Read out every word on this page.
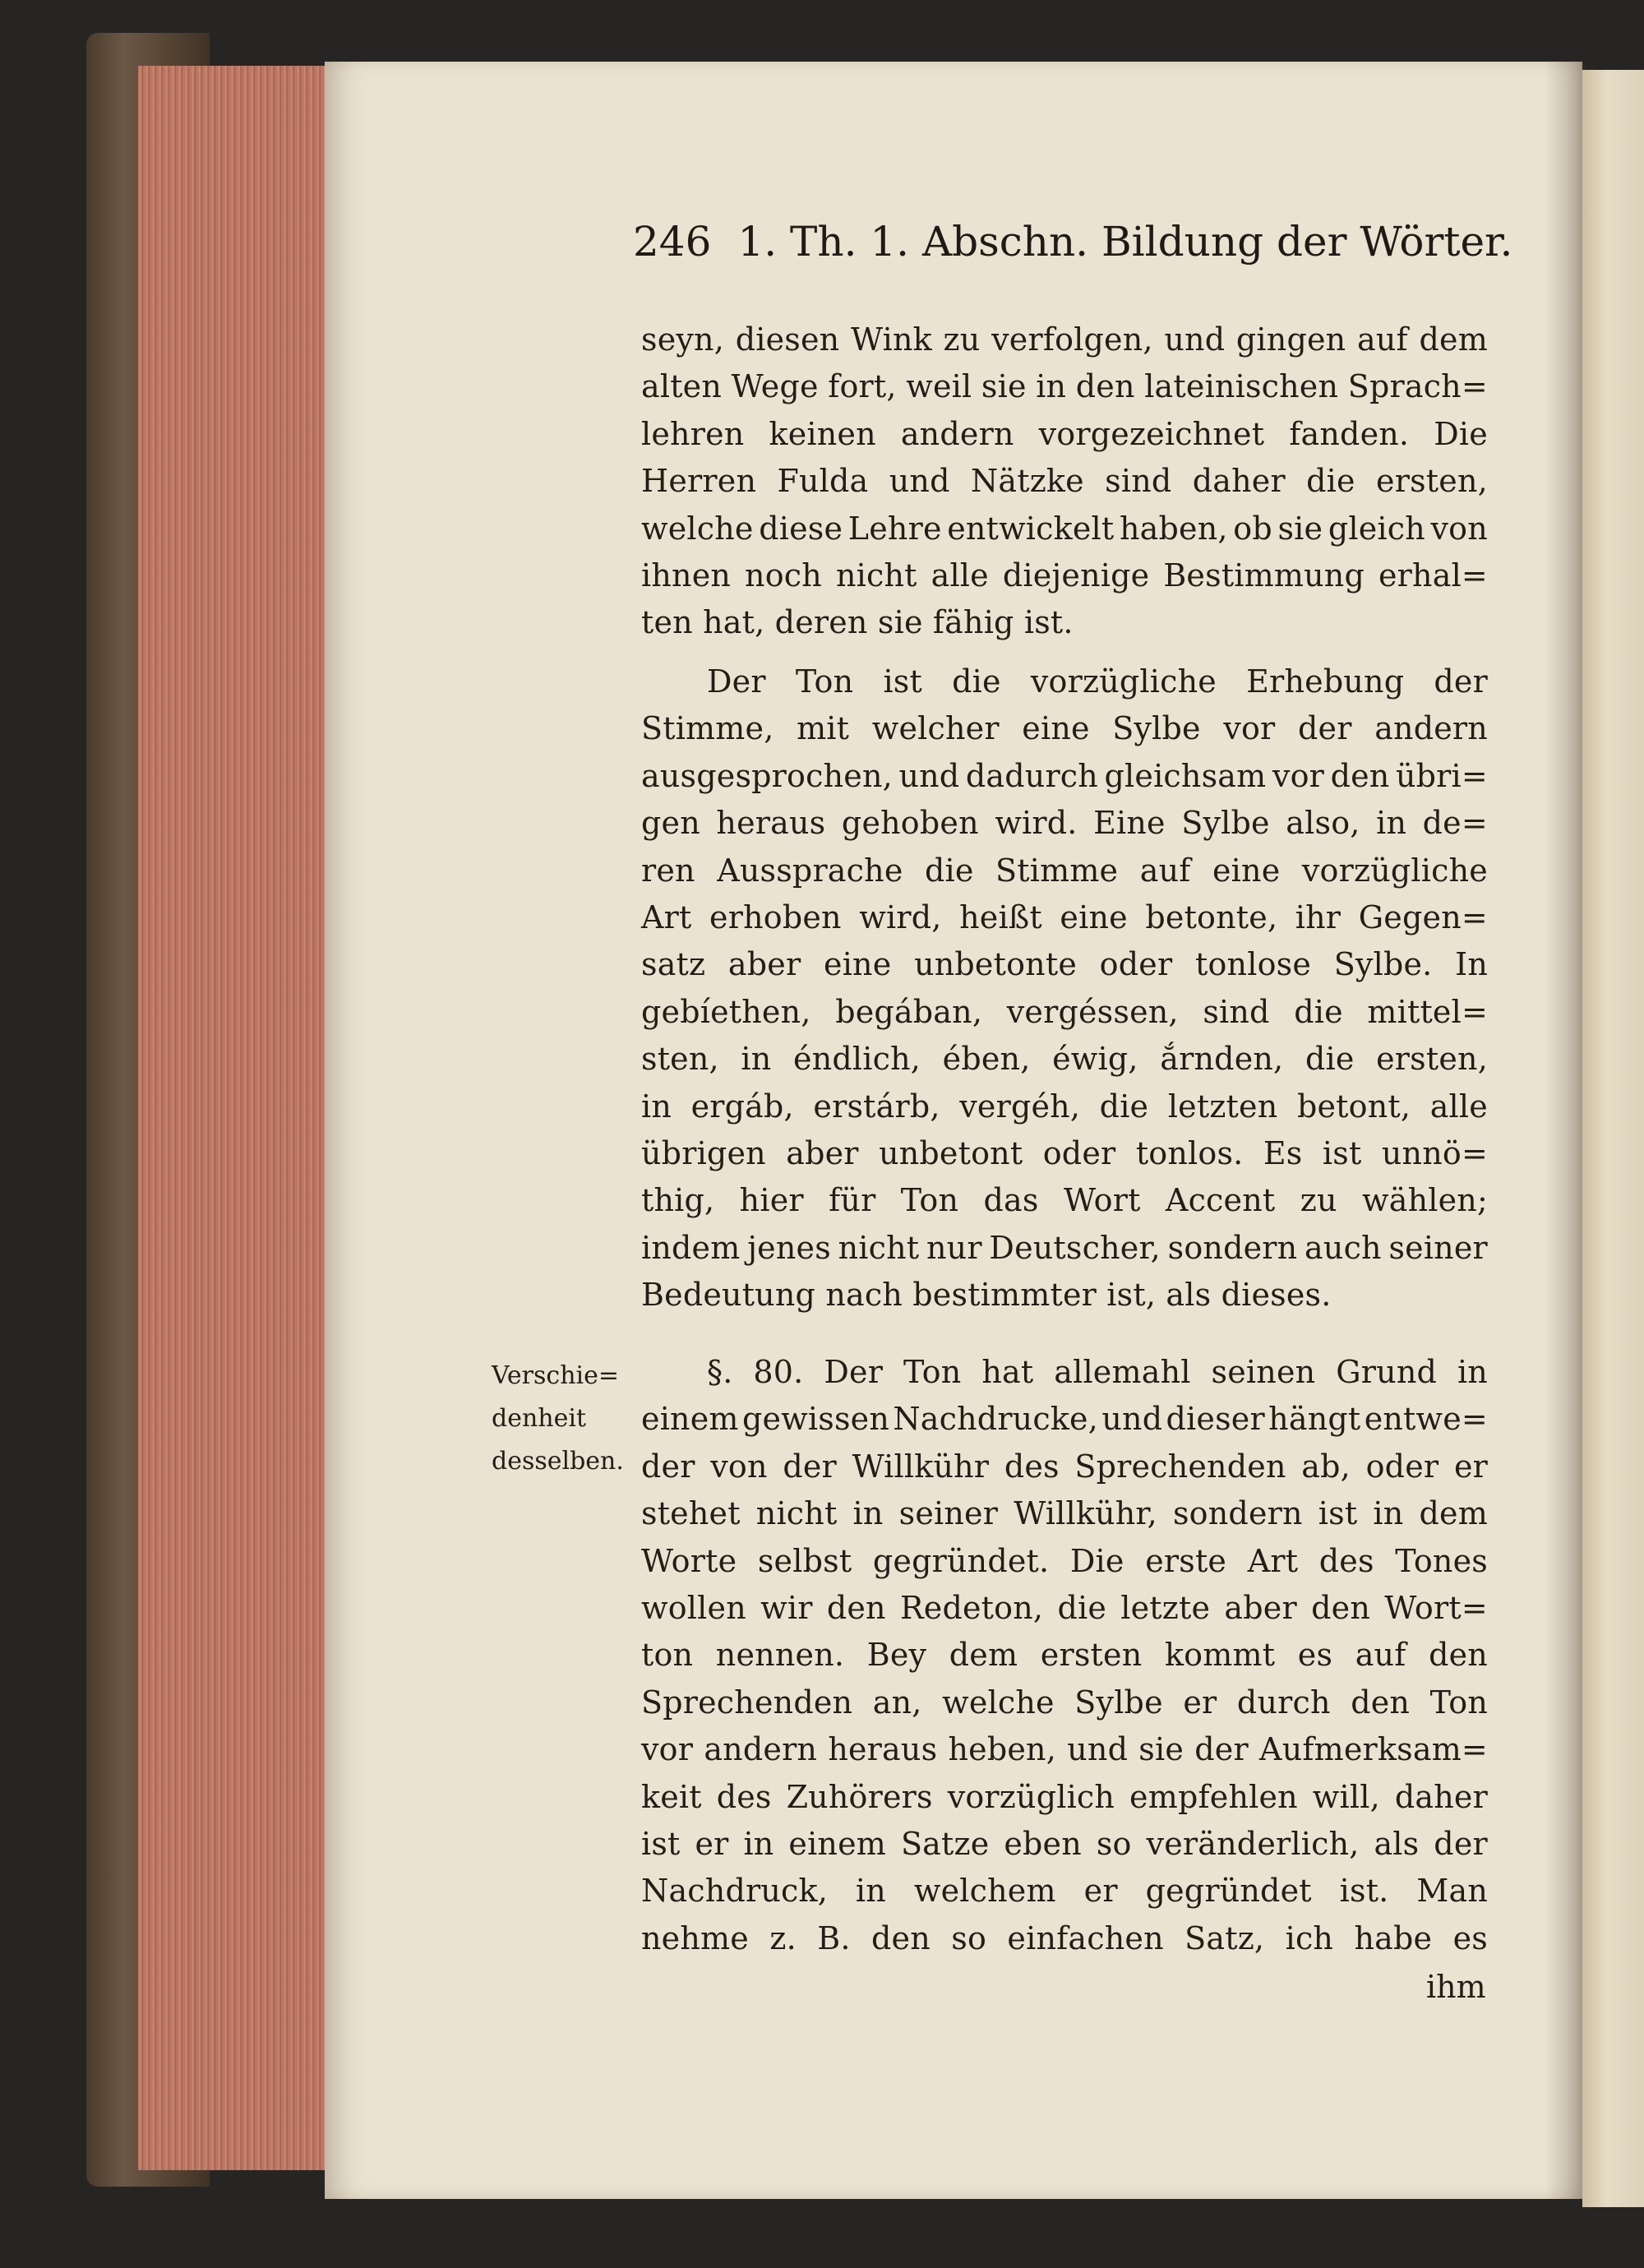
246 1. Th. 1. Abschn. Bildung der Wörter.
seyn, diesen Wink zu verfolgen, und gingen auf dem
alten Wege fort, weil sie in den lateinischen Sprach=
lehren keinen andern vorgezeichnet fanden. Die
Herren Fulda und Nätzke sind daher die ersten,
welche diese Lehre entwickelt haben, ob sie gleich von
ihnen noch nicht alle diejenige Bestimmung erhal=
ten hat, deren sie fähig ist.
Der Ton ist die vorzügliche Erhebung der
Stimme, mit welcher eine Sylbe vor der andern
ausgesprochen, und dadurch gleichsam vor den übri=
gen heraus gehoben wird. Eine Sylbe also, in de=
ren Aussprache die Stimme auf eine vorzügliche
Art erhoben wird, heißt eine betonte, ihr Gegen=
satz aber eine unbetonte oder tonlose Sylbe. In
gebíethen, begában, vergéssen, sind die mittel=
sten, in éndlich, ében, éwig, ắrnden, die ersten,
in ergáb, erstárb, vergéh, die letzten betont, alle
übrigen aber unbetont oder tonlos. Es ist unnö=
thig, hier für Ton das Wort Accent zu wählen;
indem jenes nicht nur Deutscher, sondern auch seiner
Bedeutung nach bestimmter ist, als dieses.
Verschie=
denheit
desselben.
§. 80. Der Ton hat allemahl seinen Grund in
einem gewissen Nachdrucke, und dieser hängt entwe=
der von der Willkühr des Sprechenden ab, oder er
stehet nicht in seiner Willkühr, sondern ist in dem
Worte selbst gegründet. Die erste Art des Tones
wollen wir den Redeton, die letzte aber den Wort=
ton nennen. Bey dem ersten kommt es auf den
Sprechenden an, welche Sylbe er durch den Ton
vor andern heraus heben, und sie der Aufmerksam=
keit des Zuhörers vorzüglich empfehlen will, daher
ist er in einem Satze eben so veränderlich, als der
Nachdruck, in welchem er gegründet ist. Man
nehme z. B. den so einfachen Satz, ich habe es
ihm
